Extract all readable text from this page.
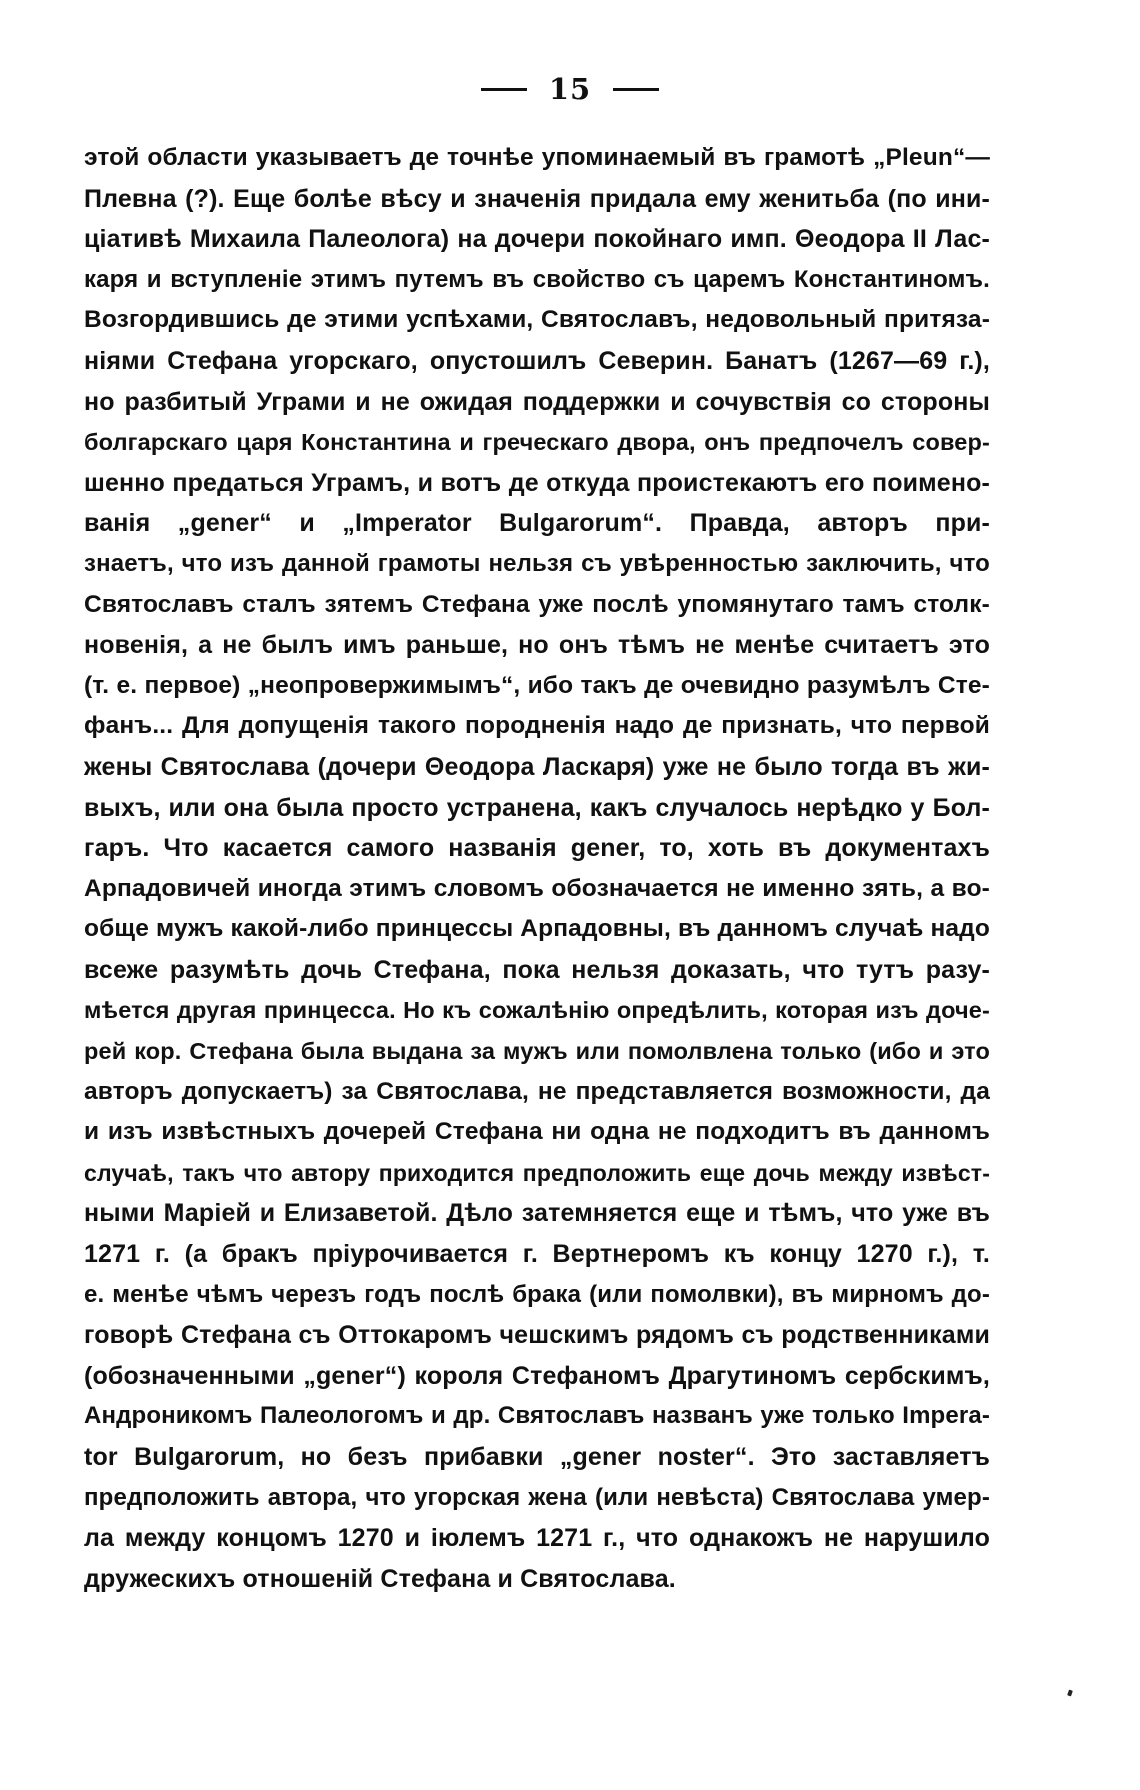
15
этой области указываетъ де точнѣе упоминаемый въ грамотѣ „Pleun“—
Плевна (?). Еще болѣе вѣсу и значенія придала ему женитьба (по ини-
ціативѣ Михаила Палеолога) на дочери покойнаго имп. Θеодора II Лас-
каря и вступленіе этимъ путемъ въ свойство съ царемъ Константиномъ.
Возгордившись де этими успѣхами, Святославъ, недовольный притяза-
ніями Стефана угорскаго, опустошилъ Северин. Банатъ (1267—69 г.),
но разбитый Уграми и не ожидая поддержки и сочувствія со стороны
болгарскаго царя Константина и греческаго двора, онъ предпочелъ совер-
шенно предаться Уграмъ, и вотъ де откуда проистекаютъ его поимено-
ванія „gener“ и „Imperator Bulgarorum“. Правда, авторъ при-
знаетъ, что изъ данной грамоты нельзя съ увѣренностью заключить, что
Святославъ сталъ зятемъ Стефана уже послѣ упомянутаго тамъ столк-
новенія, а не былъ имъ раньше, но онъ тѣмъ не менѣе считаетъ это
(т. е. первое) „неопровержимымъ“, ибо такъ де очевидно разумѣлъ Сте-
фанъ... Для допущенія такого породненія надо де признать, что первой
жены Святослава (дочери Θеодора Ласкаря) уже не было тогда въ жи-
выхъ, или она была просто устранена, какъ случалось нерѣдко у Бол-
гаръ. Что касается самого названія gener, то, хоть въ документахъ
Арпадовичей иногда этимъ словомъ обозначается не именно зять, а во-
обще мужъ какой-либо принцессы Арпадовны, въ данномъ случаѣ надо
всеже разумѣть дочь Стефана, пока нельзя доказать, что тутъ разу-
мѣется другая принцесса. Но къ сожалѣнію опредѣлить, которая изъ доче-
рей кор. Стефана была выдана за мужъ или помолвлена только (ибо и это
авторъ допускаетъ) за Святослава, не представляется возможности, да
и изъ извѣстныхъ дочерей Стефана ни одна не подходитъ въ данномъ
случаѣ, такъ что автору приходится предположить еще дочь между извѣст-
ными Маріей и Елизаветой. Дѣло затемняется еще и тѣмъ, что уже въ
1271 г. (а бракъ пріурочивается г. Вертнеромъ къ концу 1270 г.), т.
е. менѣе чѣмъ черезъ годъ послѣ брака (или помолвки), въ мирномъ до-
говорѣ Стефана съ Оттокаромъ чешскимъ рядомъ съ родственниками
(обозначенными „gener“) короля Стефаномъ Драгутиномъ сербскимъ,
Андроникомъ Палеологомъ и др. Святославъ названъ уже только Impera-
tor Bulgarorum, но безъ прибавки „gener noster“. Это заставляетъ
предположить автора, что угорская жена (или невѣста) Святослава умер-
ла между концомъ 1270 и іюлемъ 1271 г., что однакожъ не нарушило
дружескихъ отношеній Стефана и Святослава.
